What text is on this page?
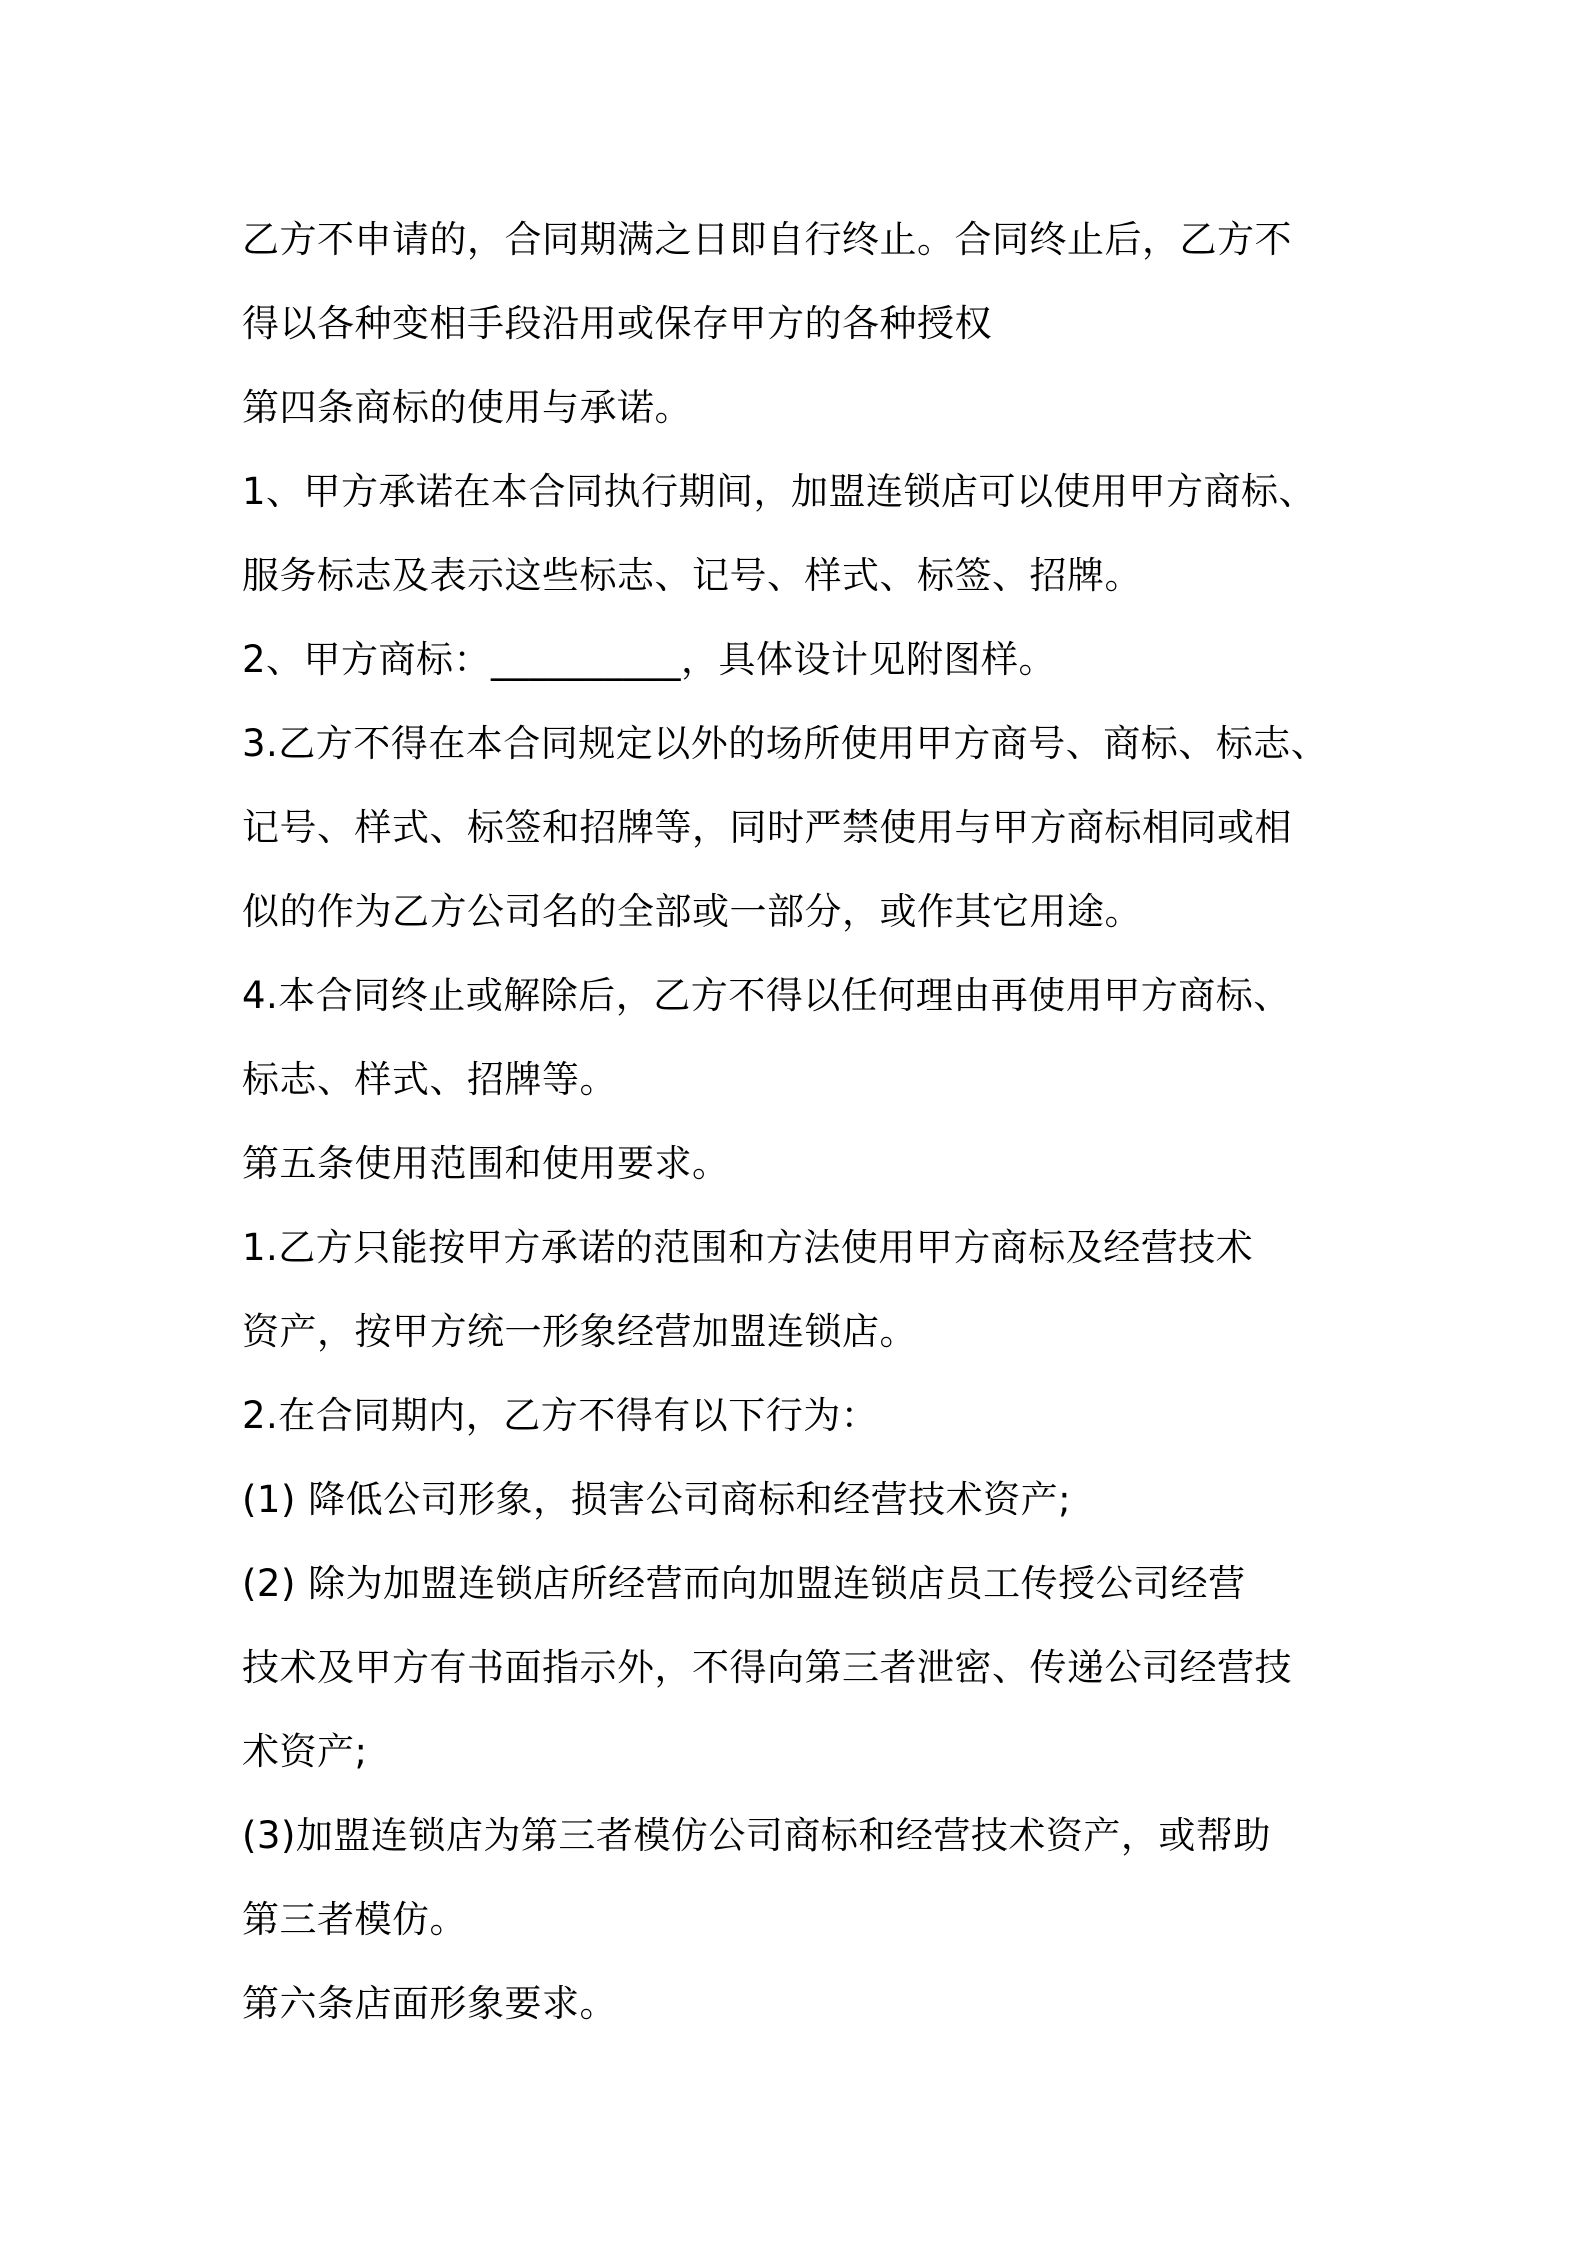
乙方不申请的，合同期满之日即自行终止。合同终止后，乙方不
得以各种变相手段沿用或保存甲方的各种授权
第四条商标的使用与承诺。
1、甲方承诺在本合同执行期间，加盟连锁店可以使用甲方商标、
服务标志及表示这些标志、记号、样式、标签、招牌。
2、甲方商标：__________，具体设计见附图样。
3.乙方不得在本合同规定以外的场所使用甲方商号、商标、标志、
记号、样式、标签和招牌等，同时严禁使用与甲方商标相同或相
似的作为乙方公司名的全部或一部分，或作其它用途。
4.本合同终止或解除后，乙方不得以任何理由再使用甲方商标、
标志、样式、招牌等。
第五条使用范围和使用要求。
1.乙方只能按甲方承诺的范围和方法使用甲方商标及经营技术
资产，按甲方统一形象经营加盟连锁店。
2.在合同期内，乙方不得有以下行为：
(1) 降低公司形象，损害公司商标和经营技术资产;
(2) 除为加盟连锁店所经营而向加盟连锁店员工传授公司经营
技术及甲方有书面指示外，不得向第三者泄密、传递公司经营技
术资产;
(3)加盟连锁店为第三者模仿公司商标和经营技术资产，或帮助
第三者模仿。
第六条店面形象要求。
